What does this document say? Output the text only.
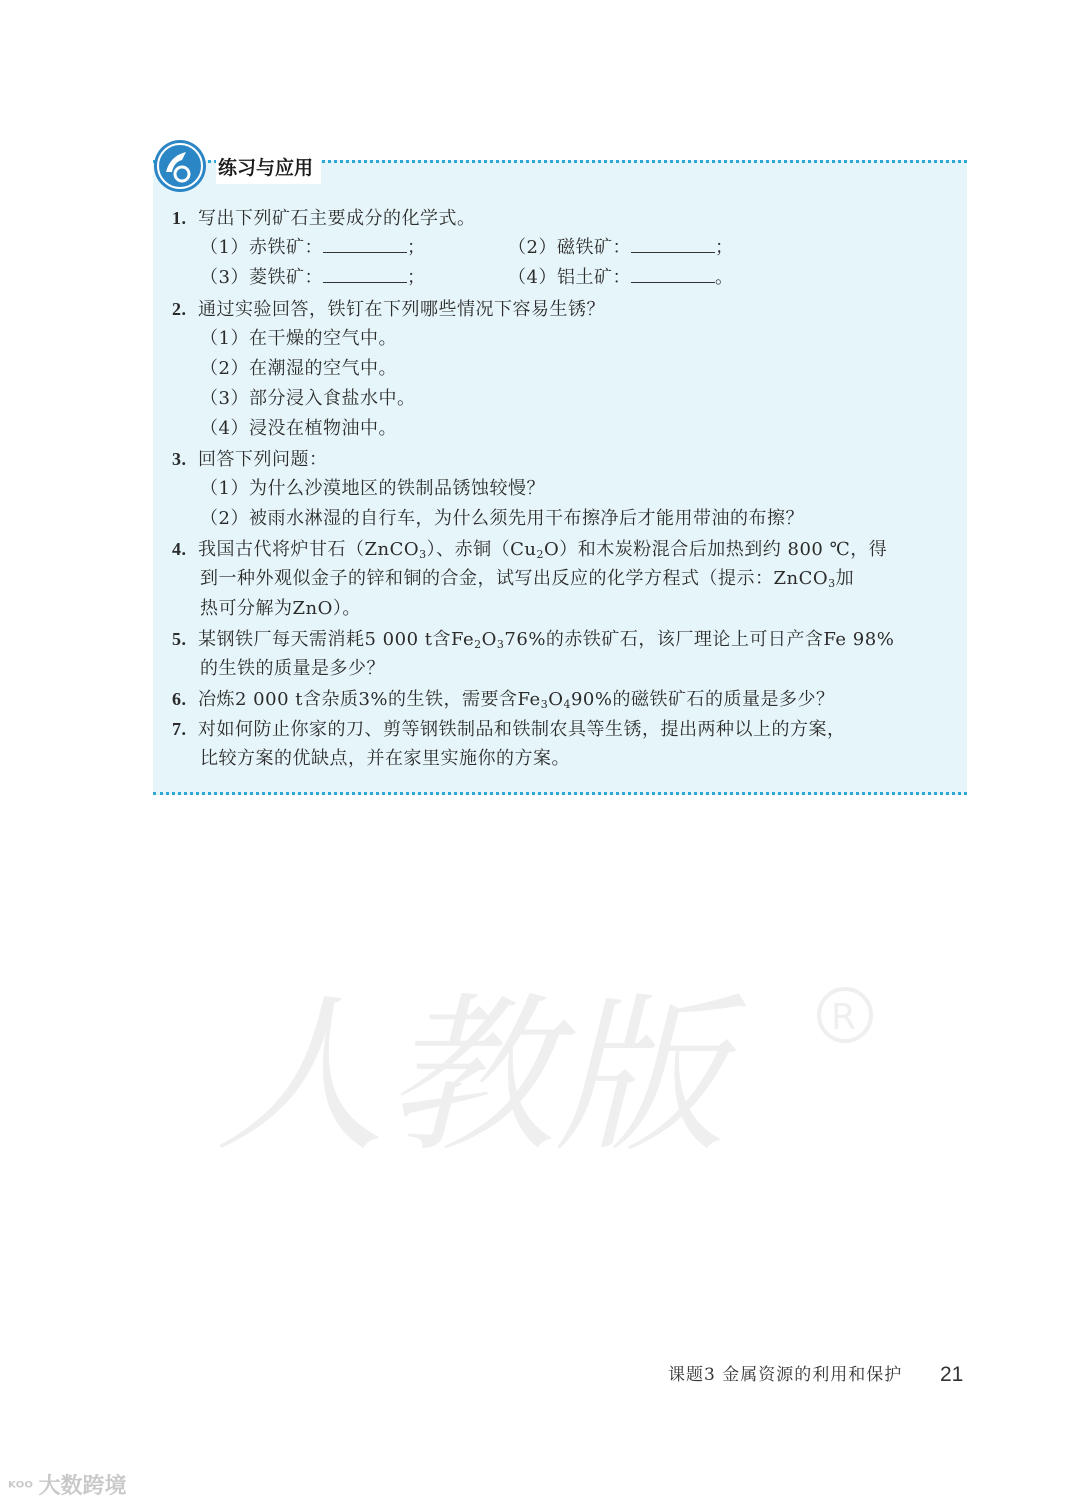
练习与应用
1. 写出下列矿石主要成分的化学式。
（1）赤铁矿：	；	（2）磁铁矿：	；
（3）菱铁矿：	；	（4）铝土矿：	。
2. 通过实验回答，铁钉在下列哪些情况下容易生锈？
（1）在干燥的空气中。
（2）在潮湿的空气中。
（3）部分浸入食盐水中。
（4）浸没在植物油中。
3. 回答下列问题：
（1）为什么沙漠地区的铁制品锈蚀较慢？
（2）被雨水淋湿的自行车，为什么须先用干布擦净后才能用带油的布擦？
4. 我国古代将炉甘石（ZnCO$_3$）、赤铜$(Cu_2O)$和木炭粉混合后加热到约 800 ℃，得
到一种外观似金子的锌和铜的合金，试写出反应的化学方程式（提示：ZnCO$_3$加
热可分解为ZnO）。
5. 某钢铁厂每天需消耗5 000 t含$Fe_2O_376\%$的赤铁矿石，该厂理论上可日产含Fe 98%
的生铁的质量是多少？
6. 冶炼2 000 t含杂质3%的生铁，需要含$Fe_3O_490\%$的磁铁矿石的质量是多少？
7. 对如何防止你家的刀、剪等钢铁制品和铁制农具等生锈，提出两种以上的方案，
比较方案的优缺点，并在家里实施你的方案。
人教版	R
课题3 金属资源的利用和保护 21
ᴷᴼᴼ 大数跨境
